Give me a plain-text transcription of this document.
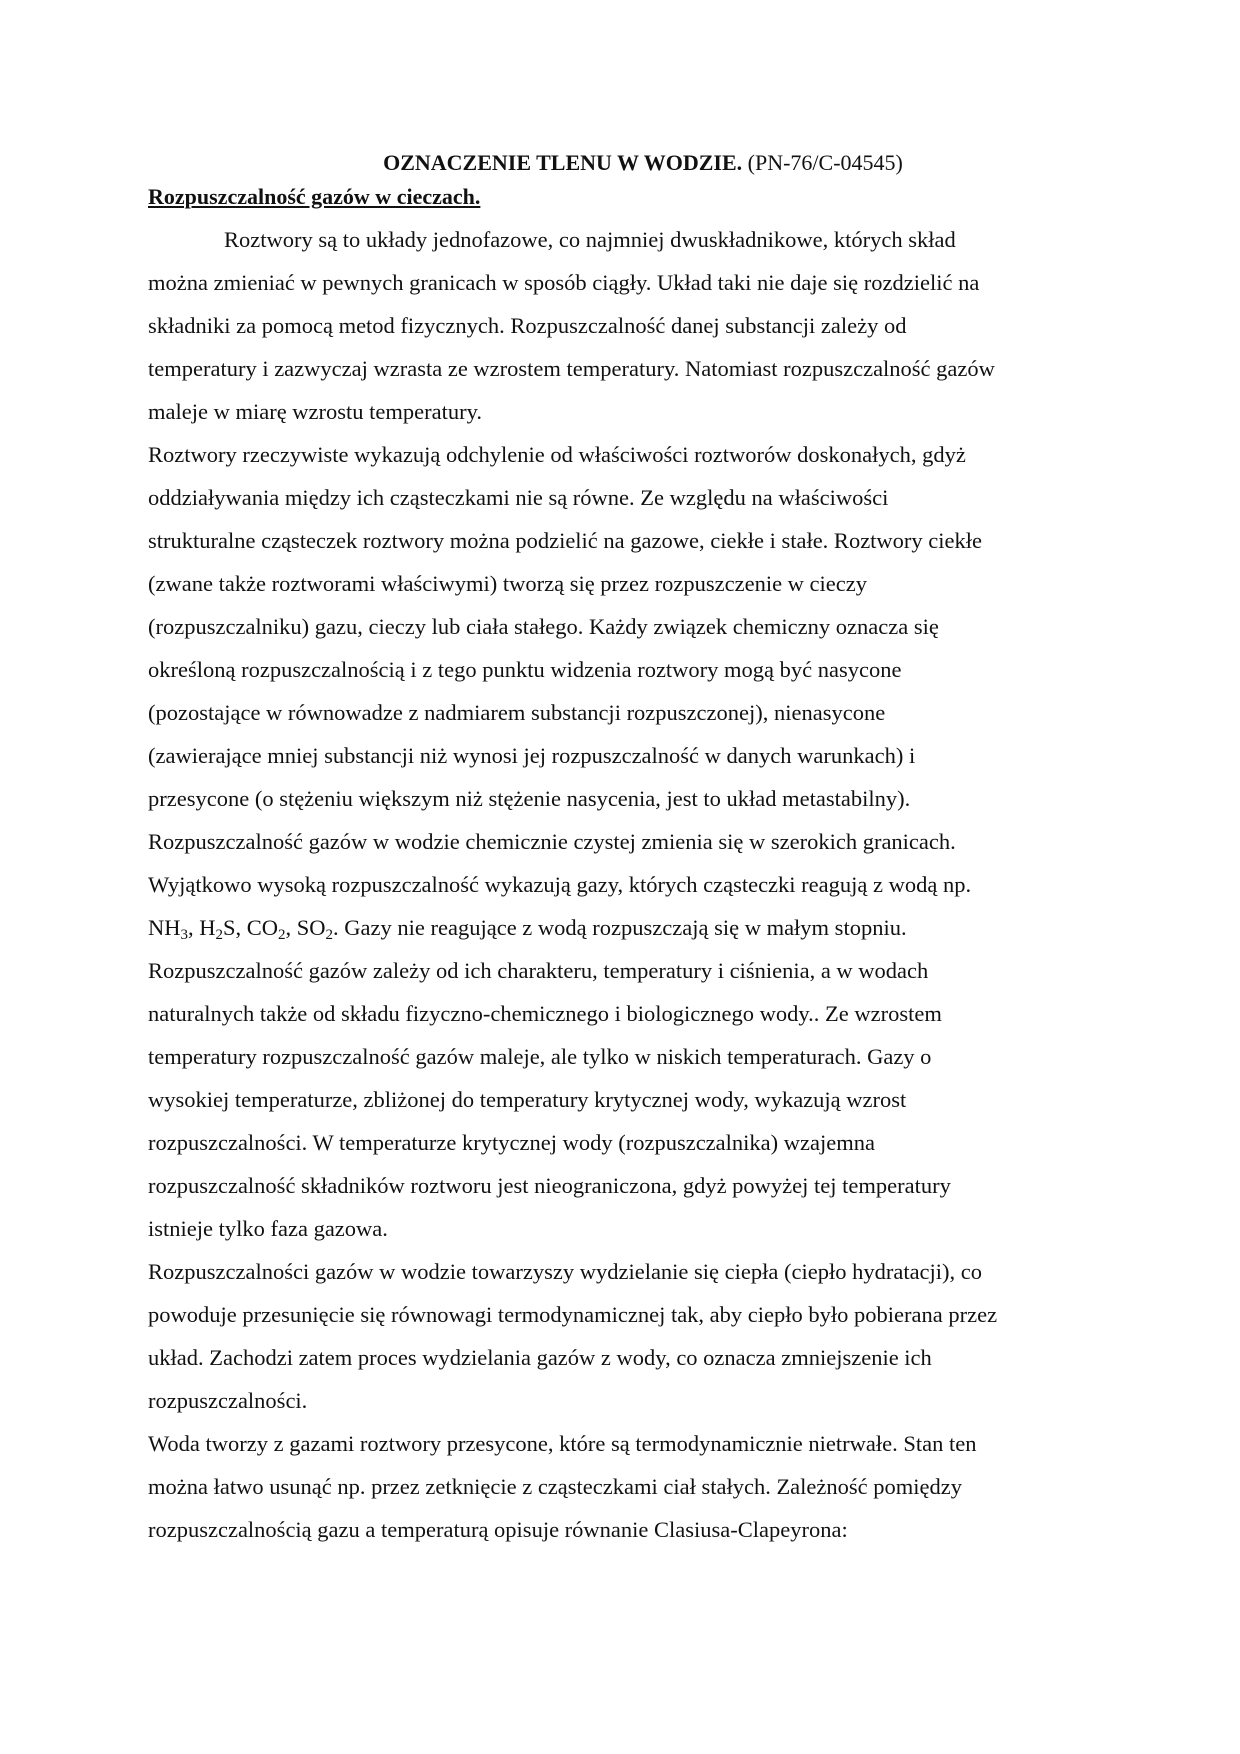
OZNACZENIE TLENU W WODZIE. (PN-76/C-04545)

Rozpuszczalność gazów w cieczach.

Roztwory są to układy jednofazowe, co najmniej dwuskładnikowe, których skład
można zmieniać w pewnych granicach w sposób ciągły. Układ taki nie daje się rozdzielić na
składniki za pomocą metod fizycznych. Rozpuszczalność danej substancji zależy od
temperatury i zazwyczaj wzrasta ze wzrostem temperatury. Natomiast rozpuszczalność gazów
maleje w miarę wzrostu temperatury.
Roztwory rzeczywiste wykazują odchylenie od właściwości roztworów doskonałych, gdyż
oddziaływania między ich cząsteczkami nie są równe. Ze względu na właściwości
strukturalne cząsteczek roztwory można podzielić na gazowe, ciekłe i stałe. Roztwory ciekłe
(zwane także roztworami właściwymi) tworzą się przez rozpuszczenie w cieczy
(rozpuszczalniku) gazu, cieczy lub ciała stałego. Każdy związek chemiczny oznacza się
określoną rozpuszczalnością i z tego punktu widzenia roztwory mogą być nasycone
(pozostające w równowadze z nadmiarem substancji rozpuszczonej), nienasycone
(zawierające mniej substancji niż wynosi jej rozpuszczalność w danych warunkach) i
przesycone (o stężeniu większym niż stężenie nasycenia, jest to układ metastabilny).
Rozpuszczalność gazów w wodzie chemicznie czystej zmienia się w szerokich granicach.
Wyjątkowo wysoką rozpuszczalność wykazują gazy, których cząsteczki reagują z wodą np.
$NH_3$, $H_2S$, $CO_2$, $SO_2$. Gazy nie reagujące z wodą rozpuszczają się w małym stopniu.
Rozpuszczalność gazów zależy od ich charakteru, temperatury i ciśnienia, a w wodach
naturalnych także od składu fizyczno-chemicznego i biologicznego wody.. Ze wzrostem
temperatury rozpuszczalność gazów maleje, ale tylko w niskich temperaturach. Gazy o
wysokiej temperaturze, zbliżonej do temperatury krytycznej wody, wykazują wzrost
rozpuszczalności. W temperaturze krytycznej wody (rozpuszczalnika) wzajemna
rozpuszczalność składników roztworu jest nieograniczona, gdyż powyżej tej temperatury
istnieje tylko faza gazowa.
Rozpuszczalności gazów w wodzie towarzyszy wydzielanie się ciepła (ciepło hydratacji), co
powoduje przesunięcie się równowagi termodynamicznej tak, aby ciepło było pobierana przez
układ. Zachodzi zatem proces wydzielania gazów z wody, co oznacza zmniejszenie ich
rozpuszczalności.
Woda tworzy z gazami roztwory przesycone, które są termodynamicznie nietrwałe. Stan ten
można łatwo usunąć np. przez zetknięcie z cząsteczkami ciał stałych. Zależność pomiędzy
rozpuszczalnością gazu a temperaturą opisuje równanie Clasiusa-Clapeyrona:
